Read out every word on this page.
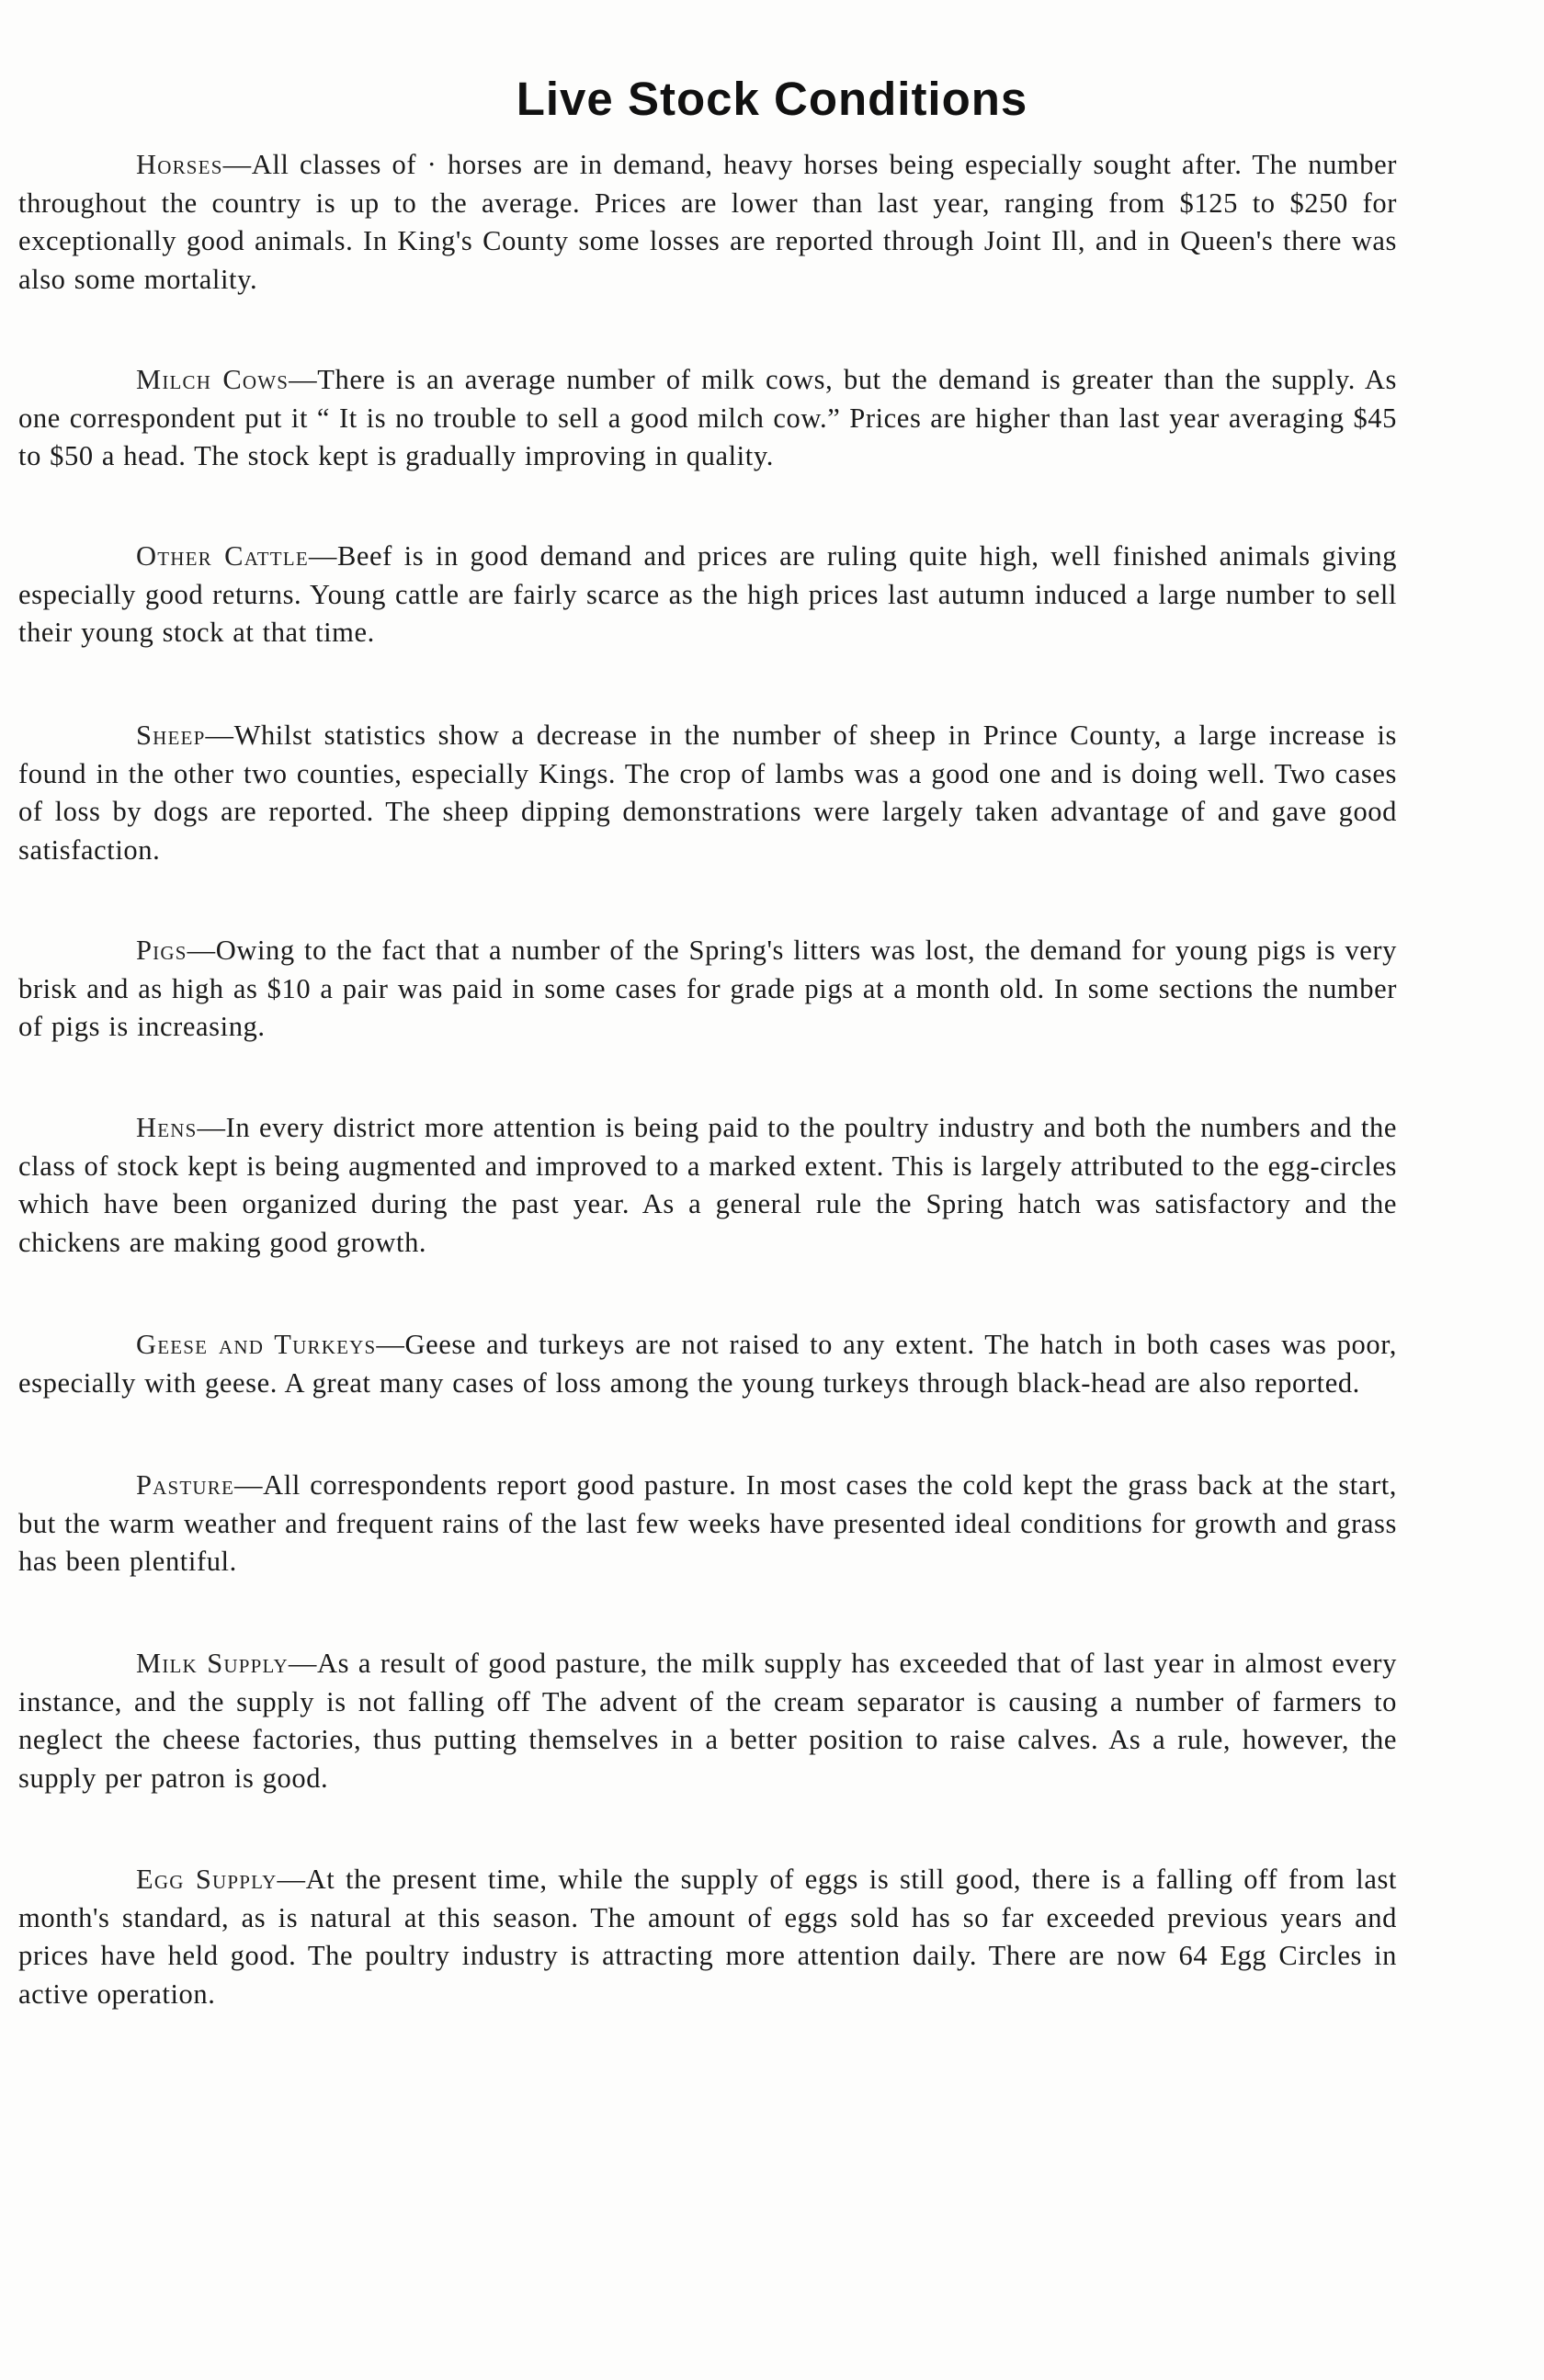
Live Stock Conditions

Horses—All classes of · horses are in demand, heavy horses being especially sought after. The number throughout the country is up to the average. Prices are lower than last year, ranging from $125 to $250 for exceptionally good animals. In King's County some losses are reported through Joint Ill, and in Queen's there was also some mortality.

Milch Cows—There is an average number of milk cows, but the demand is greater than the supply. As one correspondent put it “ It is no trouble to sell a good milch cow.” Prices are higher than last year averaging $45 to $50 a head. The stock kept is gradually improving in quality.

Other Cattle—Beef is in good demand and prices are ruling quite high, well finished animals giving especially good returns. Young cattle are fairly scarce as the high prices last autumn induced a large number to sell their young stock at that time.

Sheep—Whilst statistics show a decrease in the number of sheep in Prince County, a large increase is found in the other two counties, especially Kings. The crop of lambs was a good one and is doing well. Two cases of loss by dogs are reported. The sheep dipping demonstrations were largely taken advantage of and gave good satisfaction.

Pigs—Owing to the fact that a number of the Spring's litters was lost, the demand for young pigs is very brisk and as high as $10 a pair was paid in some cases for grade pigs at a month old. In some sections the number of pigs is increasing.

Hens—In every district more attention is being paid to the poultry industry and both the numbers and the class of stock kept is being augmented and improved to a marked extent. This is largely attributed to the egg-circles which have been organized during the past year. As a general rule the Spring hatch was satisfactory and the chickens are making good growth.

Geese and Turkeys—Geese and turkeys are not raised to any extent. The hatch in both cases was poor, especially with geese. A great many cases of loss among the young turkeys through black-head are also reported.

Pasture—All correspondents report good pasture. In most cases the cold kept the grass back at the start, but the warm weather and frequent rains of the last few weeks have presented ideal conditions for growth and grass has been plentiful.

Milk Supply—As a result of good pasture, the milk supply has exceeded that of last year in almost every instance, and the supply is not falling off The advent of the cream separator is causing a number of farmers to neglect the cheese factories, thus putting themselves in a better position to raise calves. As a rule, however, the supply per patron is good.

Egg Supply—At the present time, while the supply of eggs is still good, there is a falling off from last month's standard, as is natural at this season. The amount of eggs sold has so far exceeded previous years and prices have held good. The poultry industry is attracting more attention daily. There are now 64 Egg Circles in active operation.
